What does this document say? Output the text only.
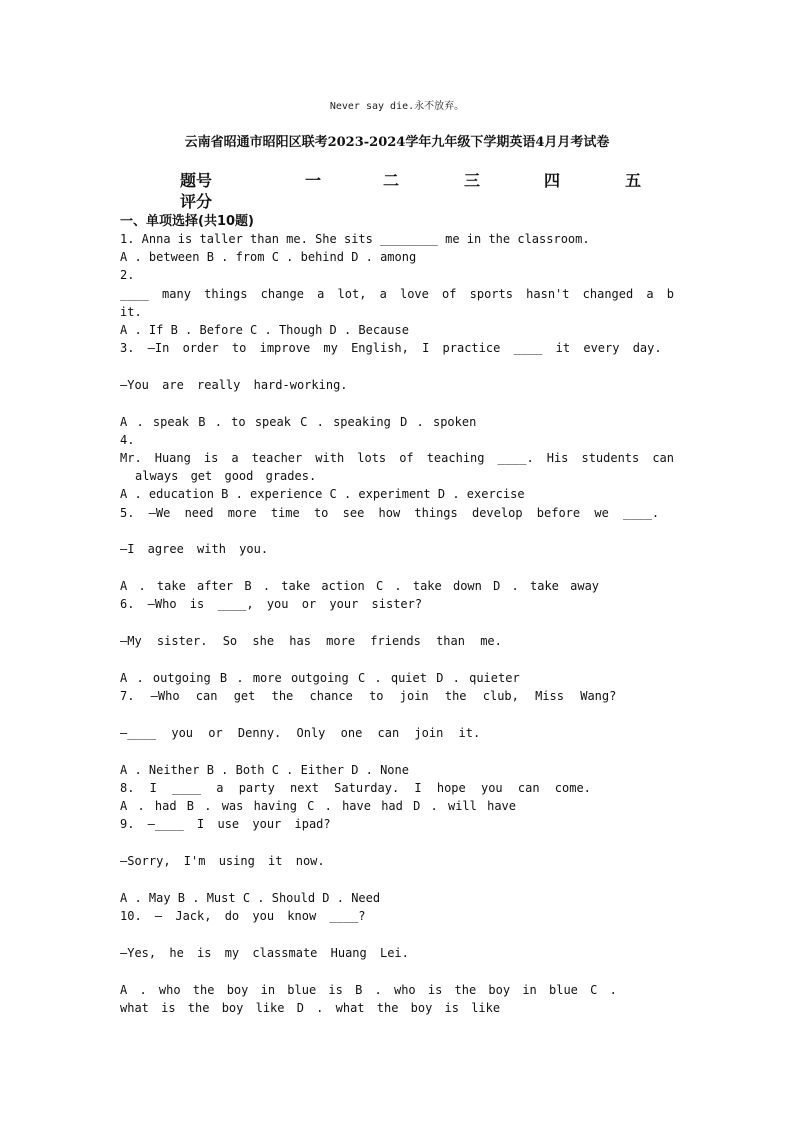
Never say die.永不放弃。
云南省昭通市昭阳区联考2023-2024学年九年级下学期英语4月月考试卷
题号	一	二	三	四	五
评分
一、单项选择(共10题)
1. Anna is taller than me. She sits ________ me in the classroom.
A . between B . from C . behind D . among
2.
____ many things change a lot, a love of sports hasn't changed a b
it.
A . If B . Before C . Though D . Because
3. —In order to improve my English, I practice ____ it every day.
—You are really hard-working.
A . speak B . to speak C . speaking D . spoken
4.
Mr. Huang is a teacher with lots of teaching ____. His students can
always get good grades.
A . education B . experience C . experiment D . exercise
5. —We need more time to see how things develop before we ____.
—I agree with you.
A . take after B . take action C . take down D . take away
6. —Who is ____, you or your sister?
—My sister. So she has more friends than me.
A . outgoing B . more outgoing C . quiet D . quieter
7. —Who can get the chance to join the club, Miss Wang?
—____ you or Denny. Only one can join it.
A . Neither B . Both C . Either D . None
8. I ____ a party next Saturday. I hope you can come.
A . had B . was having C . have had D . will have
9. —____ I use your ipad?
—Sorry, I'm using it now.
A . May B . Must C . Should D . Need
10. — Jack, do you know ____?
—Yes, he is my classmate Huang Lei.
A . who the boy in blue is B . who is the boy in blue C .
what is the boy like D . what the boy is like
